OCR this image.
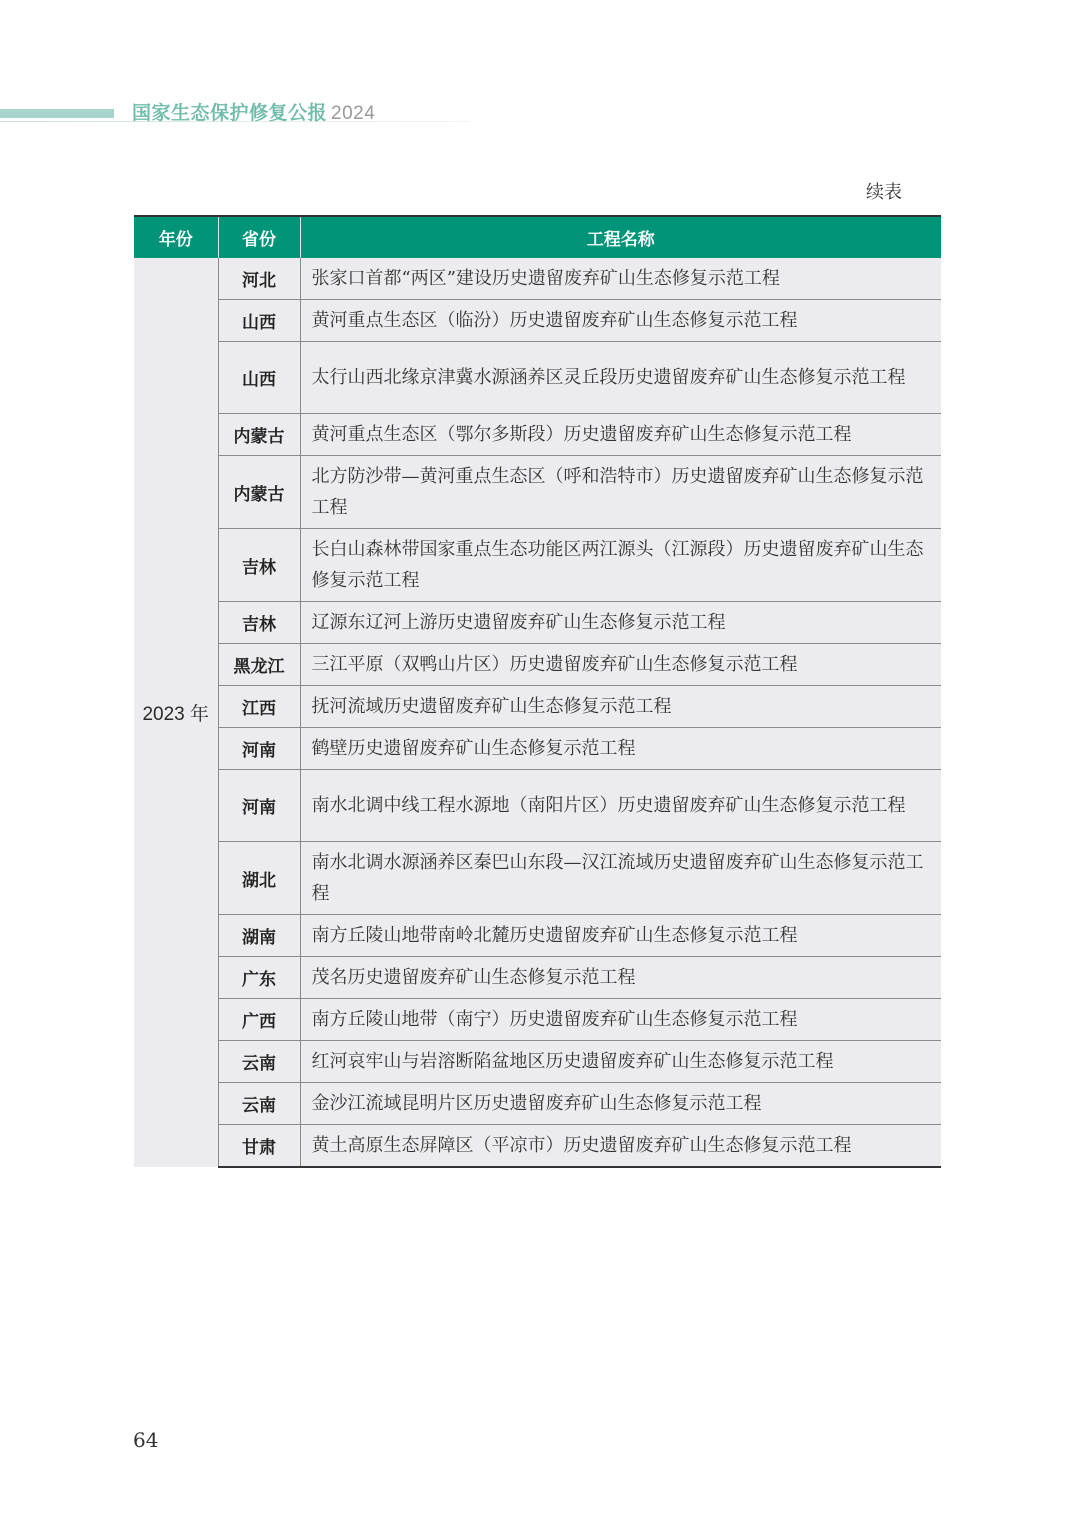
国家生态保护修复公报 2024
续表
年份	省份	工程名称
2023 年	河北	张家口首都“两区”建设历史遗留废弃矿山生态修复示范工程
	山西	黄河重点生态区（临汾）历史遗留废弃矿山生态修复示范工程
	山西	太行山西北缘京津冀水源涵养区灵丘段历史遗留废弃矿山生态修复示范工程
	内蒙古	黄河重点生态区（鄂尔多斯段）历史遗留废弃矿山生态修复示范工程
	内蒙古	北方防沙带—黄河重点生态区（呼和浩特市）历史遗留废弃矿山生态修复示范工程
	吉林	长白山森林带国家重点生态功能区两江源头（江源段）历史遗留废弃矿山生态修复示范工程
	吉林	辽源东辽河上游历史遗留废弃矿山生态修复示范工程
	黑龙江	三江平原（双鸭山片区）历史遗留废弃矿山生态修复示范工程
	江西	抚河流域历史遗留废弃矿山生态修复示范工程
	河南	鹤壁历史遗留废弃矿山生态修复示范工程
	河南	南水北调中线工程水源地（南阳片区）历史遗留废弃矿山生态修复示范工程
	湖北	南水北调水源涵养区秦巴山东段—汉江流域历史遗留废弃矿山生态修复示范工程
	湖南	南方丘陵山地带南岭北麓历史遗留废弃矿山生态修复示范工程
	广东	茂名历史遗留废弃矿山生态修复示范工程
	广西	南方丘陵山地带（南宁）历史遗留废弃矿山生态修复示范工程
	云南	红河哀牢山与岩溶断陷盆地区历史遗留废弃矿山生态修复示范工程
	云南	金沙江流域昆明片区历史遗留废弃矿山生态修复示范工程
	甘肃	黄土高原生态屏障区（平凉市）历史遗留废弃矿山生态修复示范工程
64
